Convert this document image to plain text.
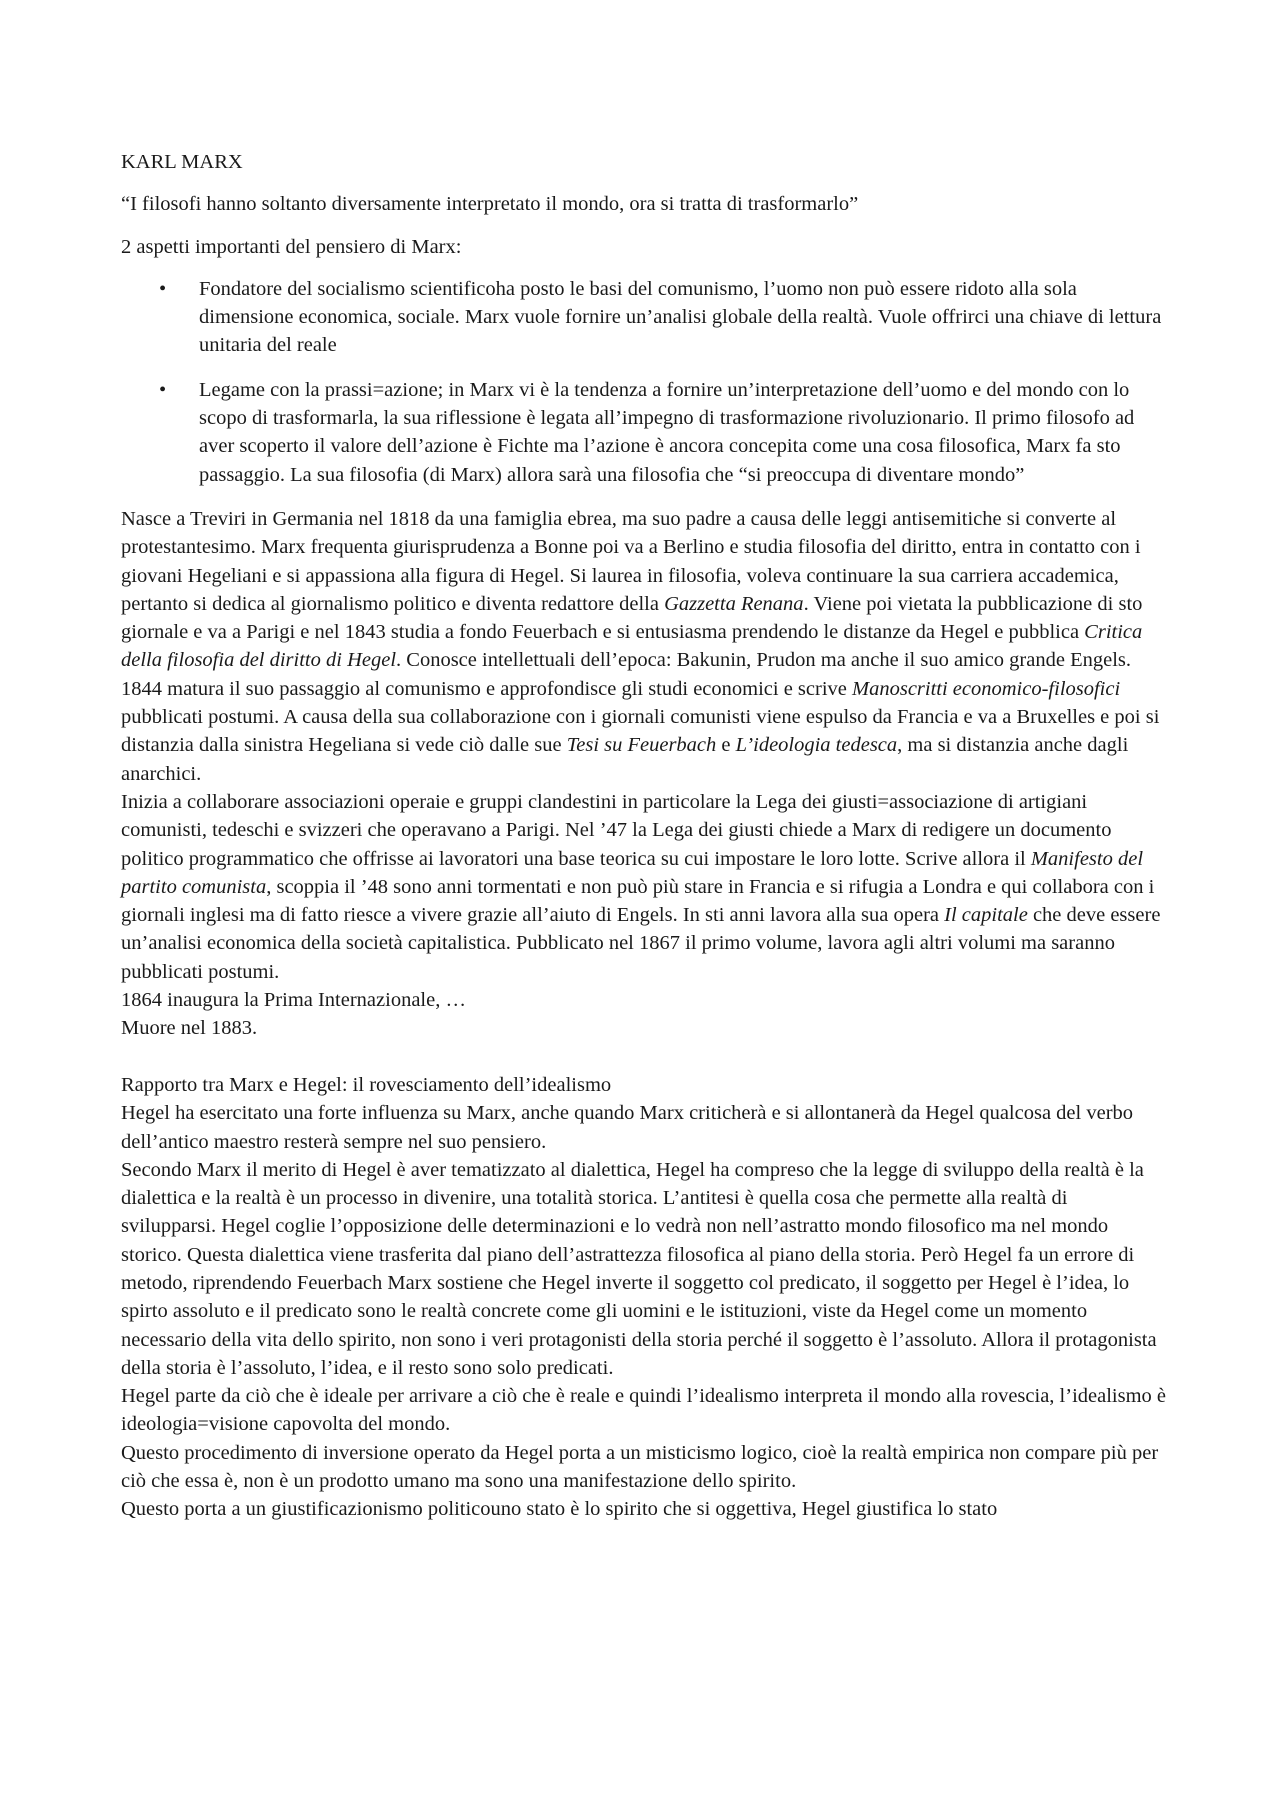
KARL MARX

“I filosofi hanno soltanto diversamente interpretato il mondo, ora si tratta di trasformarlo”

2 aspetti importanti del pensiero di Marx:

• Fondatore del socialismo scientificoha posto le basi del comunismo, l’uomo non può essere ridoto alla sola dimensione economica, sociale. Marx vuole fornire un’analisi globale della realtà. Vuole offrirci una chiave di lettura unitaria del reale
• Legame con la prassi=azione; in Marx vi è la tendenza a fornire un’interpretazione dell’uomo e del mondo con lo scopo di trasformarla, la sua riflessione è legata all’impegno di trasformazione rivoluzionario. Il primo filosofo ad aver scoperto il valore dell’azione è Fichte ma l’azione è ancora concepita come una cosa filosofica, Marx fa sto passaggio. La sua filosofia (di Marx) allora sarà una filosofia che “si preoccupa di diventare mondo”

Nasce a Treviri in Germania nel 1818 da una famiglia ebrea, ma suo padre a causa delle leggi antisemitiche si converte al protestantesimo. Marx frequenta giurisprudenza a Bonne poi va a Berlino e studia filosofia del diritto, entra in contatto con i giovani Hegeliani e si appassiona alla figura di Hegel. Si laurea in filosofia, voleva continuare la sua carriera accademica, pertanto si dedica al giornalismo politico e diventa redattore della Gazzetta Renana. Viene poi vietata la pubblicazione di sto giornale e va a Parigi e nel 1843 studia a fondo Feuerbach e si entusiasma prendendo le distanze da Hegel e pubblica Critica della filosofia del diritto di Hegel. Conosce intellettuali dell’epoca: Bakunin, Prudon ma anche il suo amico grande Engels.

1844 matura il suo passaggio al comunismo e approfondisce gli studi economici e scrive Manoscritti economico-filosofici pubblicati postumi. A causa della sua collaborazione con i giornali comunisti viene espulso da Francia e va a Bruxelles e poi si distanzia dalla sinistra Hegeliana si vede ciò dalle sue Tesi su Feuerbach e L’ideologia tedesca, ma si distanzia anche dagli anarchici.

Inizia a collaborare associazioni operaie e gruppi clandestini in particolare la Lega dei giusti=associazione di artigiani comunisti, tedeschi e svizzeri che operavano a Parigi. Nel ’47 la Lega dei giusti chiede a Marx di redigere un documento politico programmatico che offrisse ai lavoratori una base teorica su cui impostare le loro lotte. Scrive allora il Manifesto del partito comunista, scoppia il ’48 sono anni tormentati e non può più stare in Francia e si rifugia a Londra e qui collabora con i giornali inglesi ma di fatto riesce a vivere grazie all’aiuto di Engels. In sti anni lavora alla sua opera Il capitale che deve essere un’analisi economica della società capitalistica. Pubblicato nel 1867 il primo volume, lavora agli altri volumi ma saranno pubblicati postumi.

1864 inaugura la Prima Internazionale, …

Muore nel 1883.

Rapporto tra Marx e Hegel: il rovesciamento dell’idealismo

Hegel ha esercitato una forte influenza su Marx, anche quando Marx criticherà e si allontanerà da Hegel qualcosa del verbo dell’antico maestro resterà sempre nel suo pensiero.

Secondo Marx il merito di Hegel è aver tematizzato al dialettica, Hegel ha compreso che la legge di sviluppo della realtà è la dialettica e la realtà è un processo in divenire, una totalità storica. L’antitesi è quella cosa che permette alla realtà di svilupparsi. Hegel coglie l’opposizione delle determinazioni e lo vedrà non nell’astratto mondo filosofico ma nel mondo storico. Questa dialettica viene trasferita dal piano dell’astrattezza filosofica al piano della storia. Però Hegel fa un errore di metodo, riprendendo Feuerbach Marx sostiene che Hegel inverte il soggetto col predicato, il soggetto per Hegel è l’idea, lo spirto assoluto e il predicato sono le realtà concrete come gli uomini e le istituzioni, viste da Hegel come un momento necessario della vita dello spirito, non sono i veri protagonisti della storia perché il soggetto è l’assoluto. Allora il protagonista della storia è l’assoluto, l’idea, e il resto sono solo predicati.

Hegel parte da ciò che è ideale per arrivare a ciò che è reale e quindi l’idealismo interpreta il mondo alla rovescia, l’idealismo è ideologia=visione capovolta del mondo.

Questo procedimento di inversione operato da Hegel porta a un misticismo logico, cioè la realtà empirica non compare più per ciò che essa è, non è un prodotto umano ma sono una manifestazione dello spirito.

Questo porta a un giustificazionismo politicouno stato è lo spirito che si oggettiva, Hegel giustifica lo stato
